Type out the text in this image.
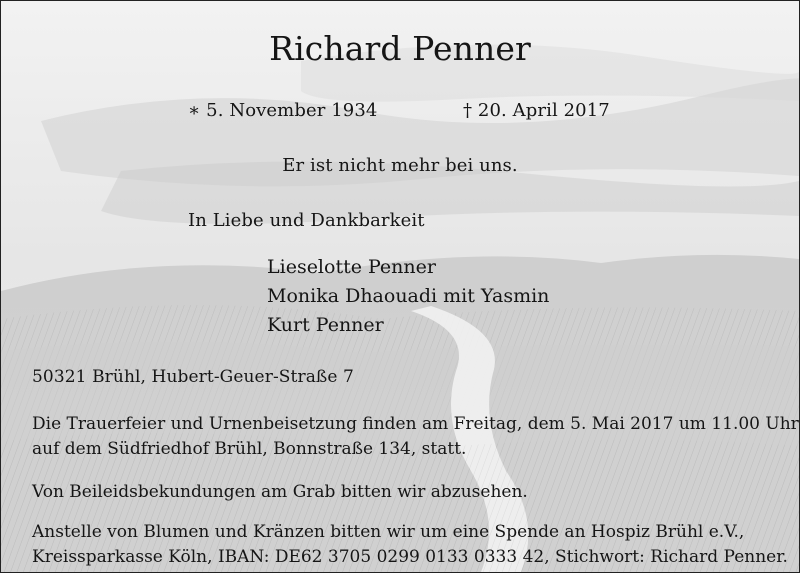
Richard Penner
∗ 5. November 1934	† 20. April 2017
Er ist nicht mehr bei uns.
In Liebe und Dankbarkeit
Lieselotte Penner
Monika Dhaouadi mit Yasmin
Kurt Penner
50321 Brühl, Hubert-Geuer-Straße 7
Die Trauerfeier und Urnenbeisetzung finden am Freitag, dem 5. Mai 2017 um 11.00 Uhr
auf dem Südfriedhof Brühl, Bonnstraße 134, statt.
Von Beileidsbekundungen am Grab bitten wir abzusehen.
Anstelle von Blumen und Kränzen bitten wir um eine Spende an Hospiz Brühl e.V.,
Kreissparkasse Köln, IBAN: DE62 3705 0299 0133 0333 42, Stichwort: Richard Penner.
